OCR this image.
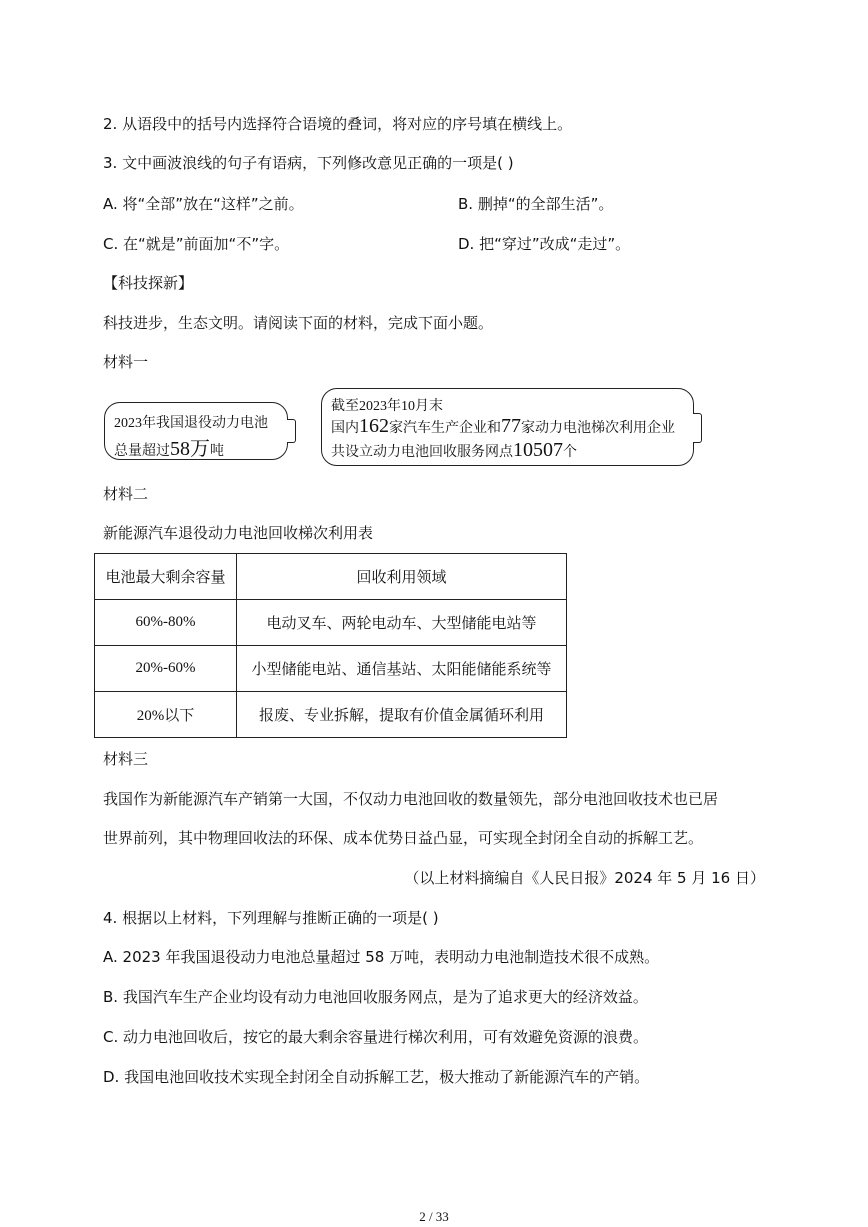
2. 从语段中的括号内选择符合语境的叠词，将对应的序号填在横线上。
3. 文中画波浪线的句子有语病，下列修改意见正确的一项是( )
A. 将“全部”放在“这样”之前。	B. 删掉“的全部生活”。
C. 在“就是”前面加“不”字。	D. 把“穿过”改成“走过”。
【科技探新】
科技进步，生态文明。请阅读下面的材料，完成下面小题。
材料一
2023年我国退役动力电池
总量超过58万吨
截至2023年10月末
国内162家汽车生产企业和77家动力电池梯次利用企业
共设立动力电池回收服务网点10507个
材料二
新能源汽车退役动力电池回收梯次利用表
电池最大剩余容量	回收利用领域
60%-80%	电动叉车、两轮电动车、大型储能电站等
20%-60%	小型储能电站、通信基站、太阳能储能系统等
20%以下	报废、专业拆解，提取有价值金属循环利用
材料三
我国作为新能源汽车产销第一大国，不仅动力电池回收的数量领先，部分电池回收技术也已居
世界前列，其中物理回收法的环保、成本优势日益凸显，可实现全封闭全自动的拆解工艺。
（以上材料摘编自《人民日报》2024 年 5 月 16 日）
4. 根据以上材料，下列理解与推断正确的一项是( )
A. 2023 年我国退役动力电池总量超过 58 万吨，表明动力电池制造技术很不成熟。
B. 我国汽车生产企业均设有动力电池回收服务网点，是为了追求更大的经济效益。
C. 动力电池回收后，按它的最大剩余容量进行梯次利用，可有效避免资源的浪费。
D. 我国电池回收技术实现全封闭全自动拆解工艺，极大推动了新能源汽车的产销。
2 / 33
